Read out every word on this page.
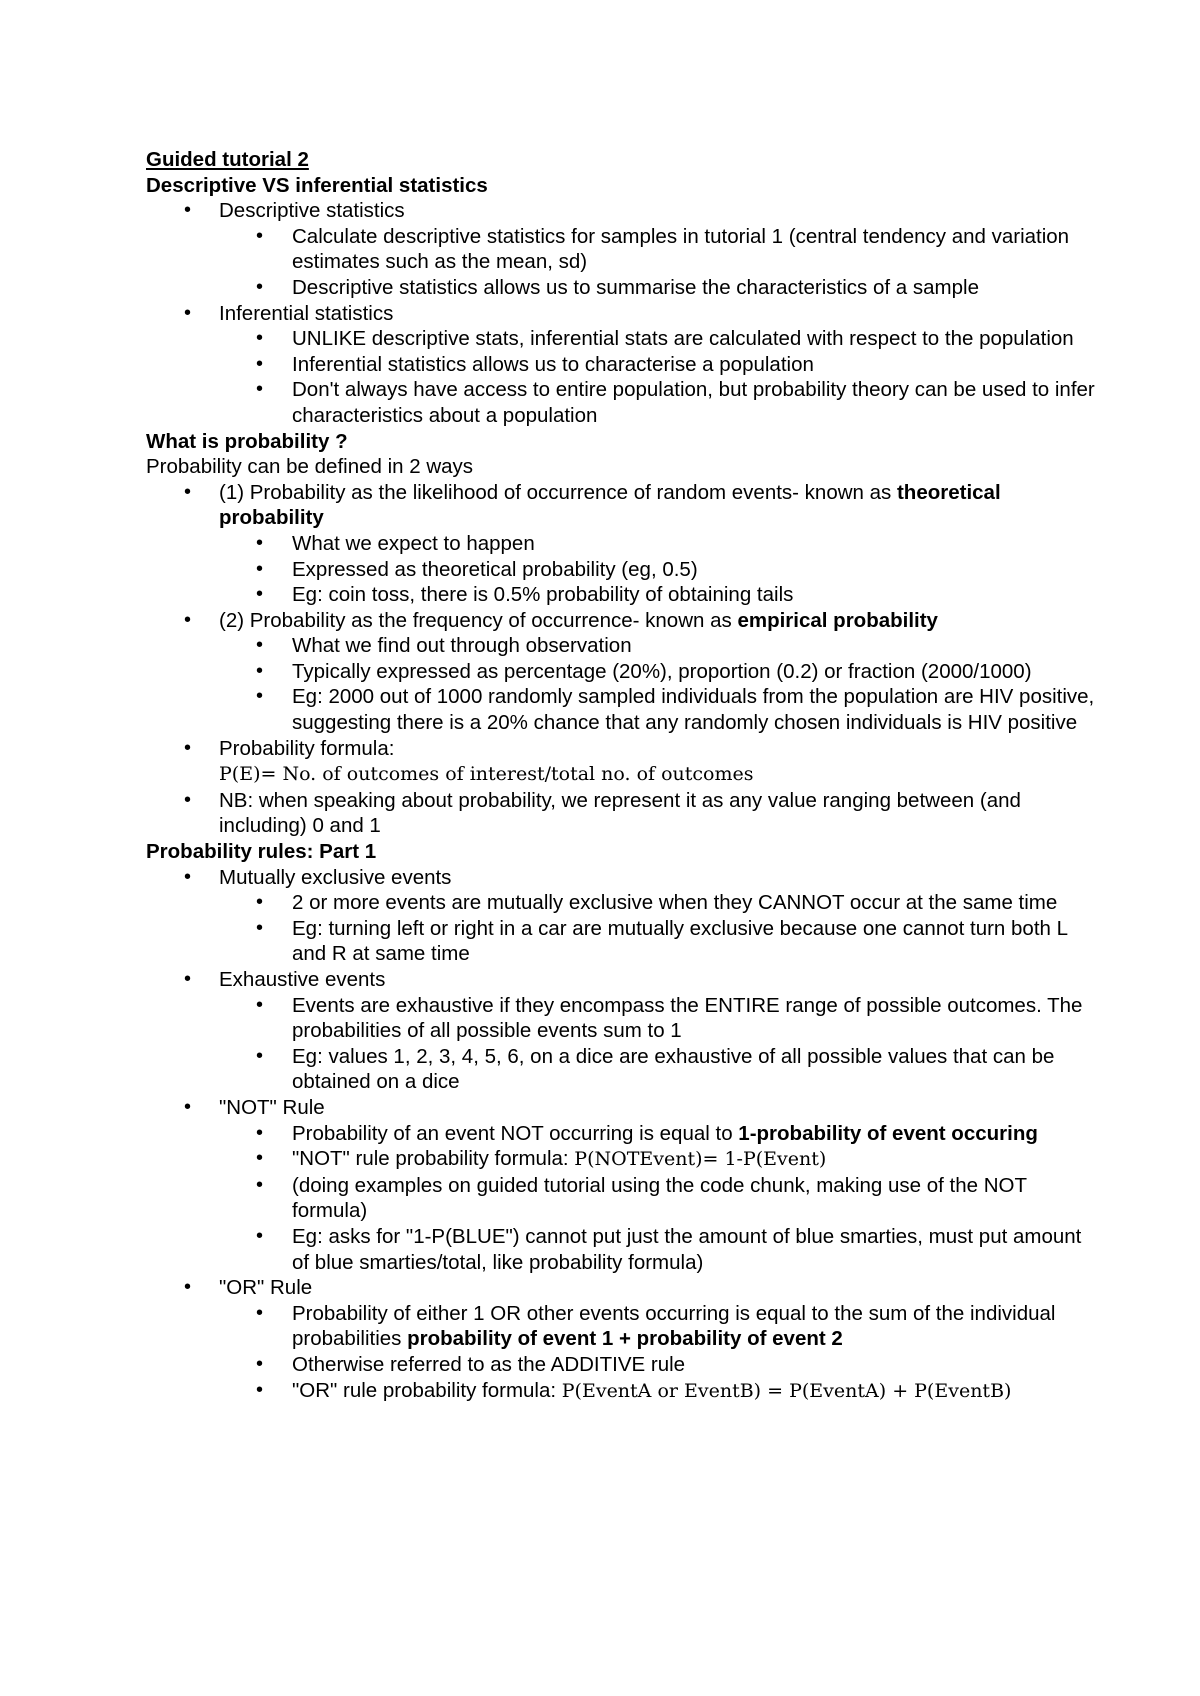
Guided tutorial 2
Descriptive VS inferential statistics
• Descriptive statistics
• Calculate descriptive statistics for samples in tutorial 1 (central tendency and variation estimates such as the mean, sd)
• Descriptive statistics allows us to summarise the characteristics of a sample
• Inferential statistics
• UNLIKE descriptive stats, inferential stats are calculated with respect to the population
• Inferential statistics allows us to characterise a population
• Don't always have access to entire population, but probability theory can be used to infer characteristics about a population
What is probability ?
Probability can be defined in 2 ways
• (1) Probability as the likelihood of occurrence of random events- known as theoretical probability
• What we expect to happen
• Expressed as theoretical probability (eg, 0.5)
• Eg: coin toss, there is 0.5% probability of obtaining tails
• (2) Probability as the frequency of occurrence- known as empirical probability
• What we find out through observation
• Typically expressed as percentage (20%), proportion (0.2) or fraction (2000/1000)
• Eg: 2000 out of 1000 randomly sampled individuals from the population are HIV positive, suggesting there is a 20% chance that any randomly chosen individuals is HIV positive
• Probability formula:
P(E)= No. of outcomes of interest/total no. of outcomes
• NB: when speaking about probability, we represent it as any value ranging between (and including) 0 and 1
Probability rules: Part 1
• Mutually exclusive events
• 2 or more events are mutually exclusive when they CANNOT occur at the same time
• Eg: turning left or right in a car are mutually exclusive because one cannot turn both L and R at same time
• Exhaustive events
• Events are exhaustive if they encompass the ENTIRE range of possible outcomes. The probabilities of all possible events sum to 1
• Eg: values 1, 2, 3, 4, 5, 6, on a dice are exhaustive of all possible values that can be obtained on a dice
• "NOT" Rule
• Probability of an event NOT occurring is equal to 1-probability of event occuring
• "NOT" rule probability formula: P(NOTEvent)= 1-P(Event)
• (doing examples on guided tutorial using the code chunk, making use of the NOT formula)
• Eg: asks for "1-P(BLUE") cannot put just the amount of blue smarties, must put amount of blue smarties/total, like probability formula)
• "OR" Rule
• Probability of either 1 OR other events occurring is equal to the sum of the individual probabilities probability of event 1 + probability of event 2
• Otherwise referred to as the ADDITIVE rule
• "OR" rule probability formula: P(EventA or EventB) = P(EventA) + P(EventB)
